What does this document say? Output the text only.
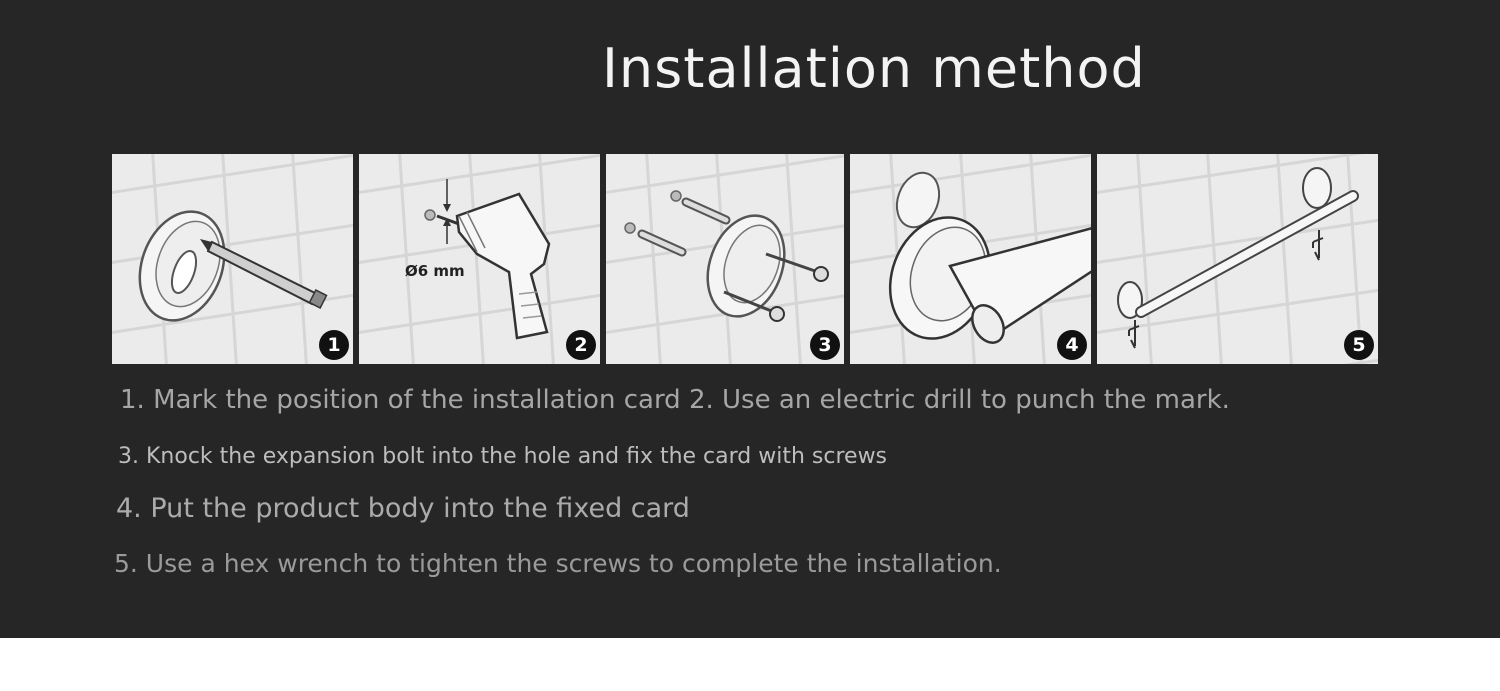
Installation method
1
Ø6 mm
2	3	4	5

1. Mark the position of the installation card 2. Use an electric drill to punch the mark.

3. Knock the expansion bolt into the hole and fix the card with screws

4. Put the product body into the fixed card

5. Use a hex wrench to tighten the screws to complete the installation.
